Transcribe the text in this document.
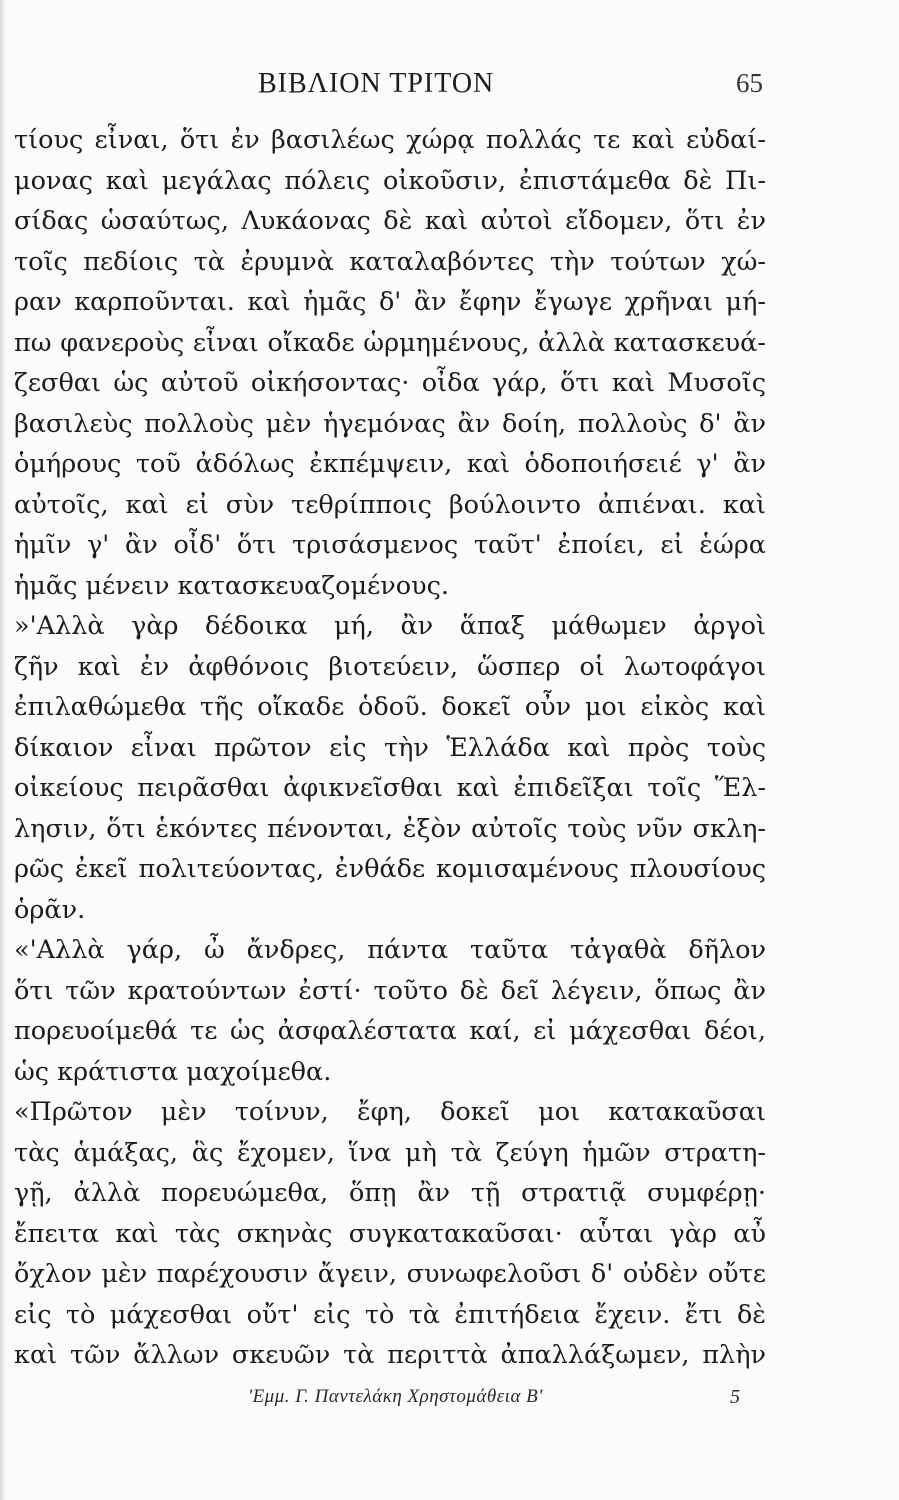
ΒΙΒΛΙΟΝ ΤΡΙΤΟΝ	65
τίους εἶναι, ὅτι ἐν βασιλέως χώρᾳ πολλάς τε καὶ εὐδαί-
μονας καὶ μεγάλας πόλεις οἰκοῦσιν, ἐπιστάμεθα δὲ Πι-
σίδας ὡσαύτως, Λυκάονας δὲ καὶ αὐτοὶ εἴδομεν, ὅτι ἐν
τοῖς πεδίοις τὰ ἐρυμνὰ καταλαβόντες τὴν τούτων χώ-
ραν καρποῦνται. καὶ ἡμᾶς δ' ἂν ἔφην ἔγωγε χρῆναι μή-
πω φανεροὺς εἶναι οἴκαδε ὡρμημένους, ἀλλὰ κατασκευά-
ζεσθαι ὡς αὐτοῦ οἰκήσοντας· οἶδα γάρ, ὅτι καὶ Μυσοῖς
βασιλεὺς πολλοὺς μὲν ἡγεμόνας ἂν δοίη, πολλοὺς δ' ἂν
ὁμήρους τοῦ ἀδόλως ἐκπέμψειν, καὶ ὁδοποιήσειέ γ' ἂν
αὐτοῖς, καὶ εἰ σὺν τεθρίπποις βούλοιντο ἀπιέναι. καὶ
ἡμῖν γ' ἂν οἶδ' ὅτι τρισάσμενος ταῦτ' ἐποίει, εἰ ἑώρα
ἡμᾶς μένειν κατασκευαζομένους.
»'Αλλὰ γὰρ δέδοικα μή, ἂν ἅπαξ μάθωμεν ἀργοὶ
ζῆν καὶ ἐν ἀφθόνοις βιοτεύειν, ὥσπερ οἱ λωτοφάγοι
ἐπιλαθώμεθα τῆς οἴκαδε ὁδοῦ. δοκεῖ οὖν μοι εἰκὸς καὶ
δίκαιον εἶναι πρῶτον εἰς τὴν Ἑλλάδα καὶ πρὸς τοὺς
οἰκείους πειρᾶσθαι ἀφικνεῖσθαι καὶ ἐπιδεῖξαι τοῖς Ἕλ-
λησιν, ὅτι ἑκόντες πένονται, ἐξὸν αὐτοῖς τοὺς νῦν σκλη-
ρῶς ἐκεῖ πολιτεύοντας, ἐνθάδε κομισαμένους πλουσίους
ὁρᾶν.
«'Αλλὰ γάρ, ὦ ἄνδρες, πάντα ταῦτα τἀγαθὰ δῆλον
ὅτι τῶν κρατούντων ἐστί· τοῦτο δὲ δεῖ λέγειν, ὅπως ἂν
πορευοίμεθά τε ὡς ἀσφαλέστατα καί, εἰ μάχεσθαι δέοι,
ὡς κράτιστα μαχοίμεθα.
«Πρῶτον μὲν τοίνυν, ἔφη, δοκεῖ μοι κατακαῦσαι
τὰς ἁμάξας, ἃς ἔχομεν, ἵνα μὴ τὰ ζεύγη ἡμῶν στρατη-
γῇ, ἀλλὰ πορευώμεθα, ὅπῃ ἂν τῇ στρατιᾷ συμφέρῃ·
ἔπειτα καὶ τὰς σκηνὰς συγκατακαῦσαι· αὗται γὰρ αὖ
ὄχλον μὲν παρέχουσιν ἄγειν, συνωφελοῦσι δ' οὐδὲν οὔτε
εἰς τὸ μάχεσθαι οὔτ' εἰς τὸ τὰ ἐπιτήδεια ἔχειν. ἔτι δὲ
καὶ τῶν ἄλλων σκευῶν τὰ περιττὰ ἀπαλλάξωμεν, πλὴν
'Εμμ. Γ. Παντελάκη Χρηστομάθεια Β'	5
